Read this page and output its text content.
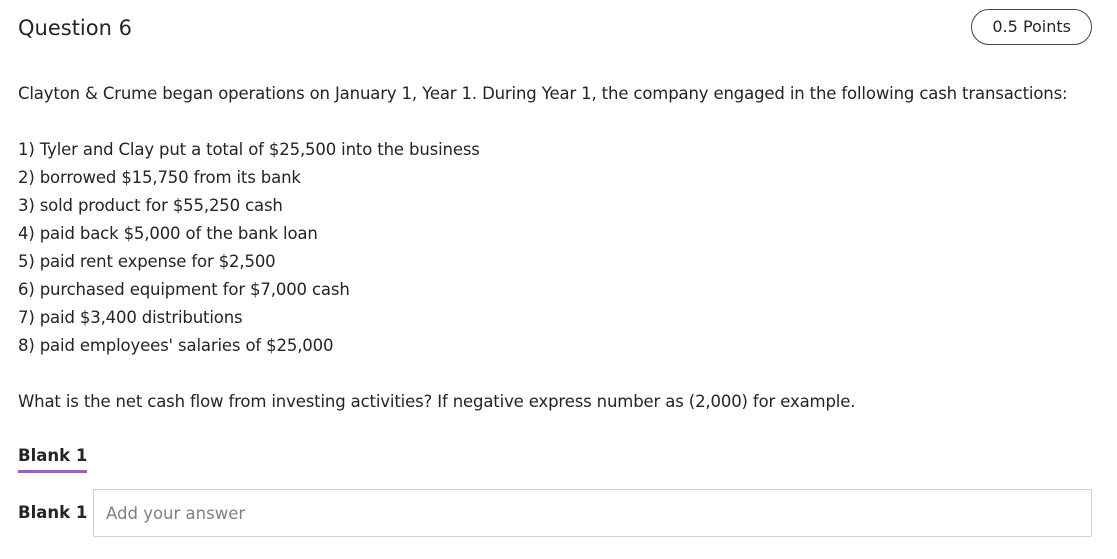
Question 6	0.5 Points

Clayton & Crume began operations on January 1, Year 1. During Year 1, the company engaged in the following cash transactions:

1) Tyler and Clay put a total of $25,500 into the business

2) borrowed $15,750 from its bank

3) sold product for $55,250 cash

4) paid back $5,000 of the bank loan

5) paid rent expense for $2,500

6) purchased equipment for $7,000 cash

7) paid $3,400 distributions

8) paid employees' salaries of $25,000

What is the net cash flow from investing activities? If negative express number as (2,000) for example.

Blank 1
Blank 1
Add your answer
